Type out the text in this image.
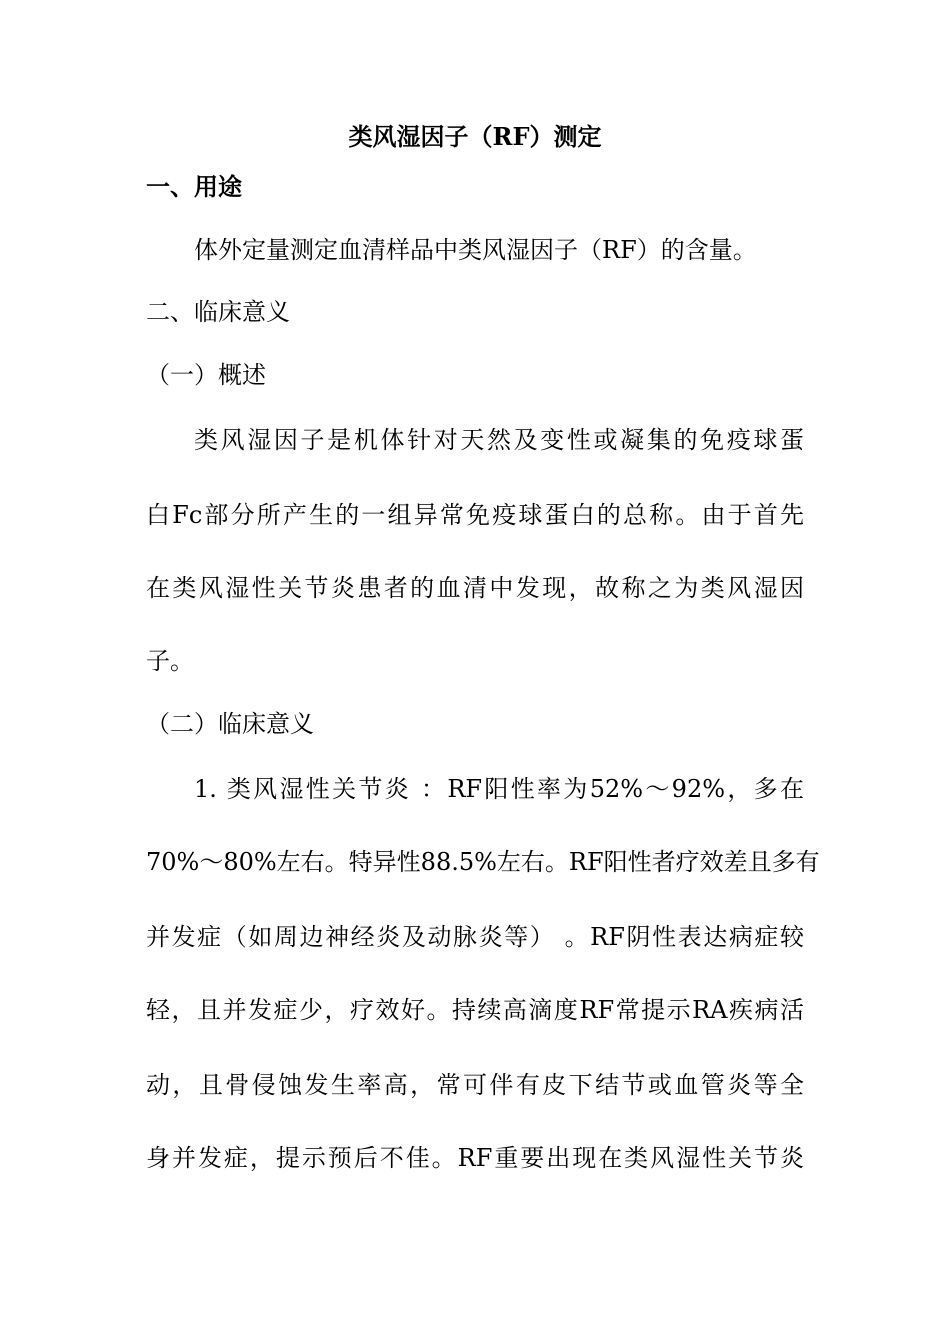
类风湿因子（RF）测定
一、用途
体外定量测定血清样品中类风湿因子（RF）的含量。
二、临床意义
（一）概述
类风湿因子是机体针对天然及变性或凝集的免疫球蛋
白Fc部分所产生的一组异常免疫球蛋白的总称。由于首先
在类风湿性关节炎患者的血清中发现，故称之为类风湿因
子。
（二）临床意义
1. 类风湿性关节炎 ：RF阳性率为52%～92%，多在
70%～80%左右。特异性88.5%左右。RF阳性者疗效差且多有
并发症（如周边神经炎及动脉炎等） 。RF阴性表达病症较
轻，且并发症少，疗效好。持续高滴度RF常提示RA疾病活
动，且骨侵蚀发生率高，常可伴有皮下结节或血管炎等全
身并发症，提示预后不佳。RF重要出现在类风湿性关节炎
